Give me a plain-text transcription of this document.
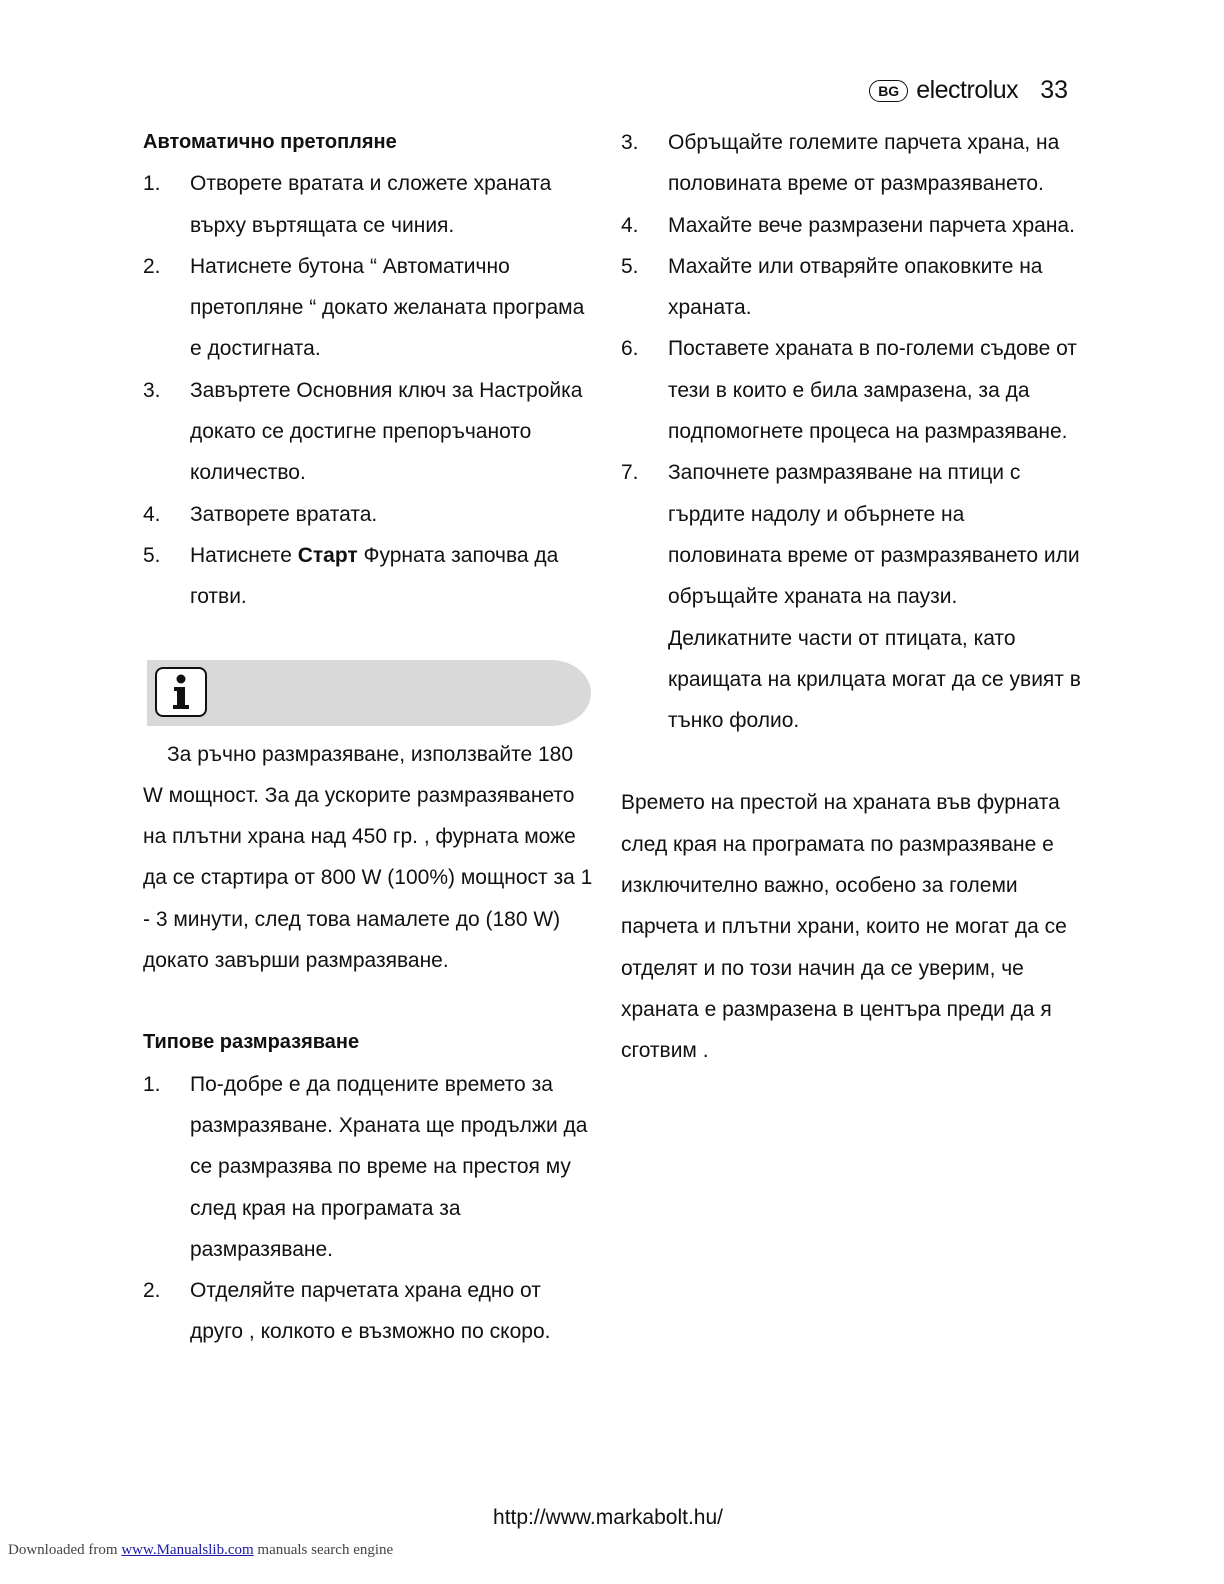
BG electrolux 33

Автоматично претопляне

1. Отворете вратата и сложете храната върху въртящата се чиния.
2. Натиснете бутона “ Автоматично претопляне “ докато желаната програма е достигната.
3. Завъртете Основния ключ за Настройка докато се достигне препоръчаното количество.
4. Затворете вратата.
5. Натиснете Старт Фурната започва да готви.

За ръчно размразяване, използвайте 180 W мощност. За да ускорите размразяването на плътни храна над 450 гр. , фурната може да се стартира от 800 W (100%) мощност за 1 - 3 минути, след това намалете до (180 W) докато завърши размразяване.

Типове размразяване

1. По-добре е да подцените времето за размразяване. Храната ще продължи да се размразява по време на престоя му след края на програмата за размразяване.
2. Отделяйте парчетата храна едно от друго , колкото е възможно по скоро.
3. Обръщайте големите парчета храна, на половината време от размразяването.
4. Махайте вече размразени парчета храна.
5. Махайте или отваряйте опаковките на храната.
6. Поставете храната в по-големи съдове от тези в които е била замразена, за да подпомогнете процеса на размразяване.
7. Започнете размразяване на птици с гърдите надолу и обърнете на половината време от размразяването или обръщайте храната на паузи. Деликатните части от птицата, като краищата на крилцата могат да се увият в тънко фолио.

Времето на престой на храната във фурната след края на програмата по размразяване е изключително важно, особено за големи парчета и плътни храни, които не могат да се отделят и по този начин да се уверим, че храната е размразена в центъра преди да я сготвим .

http://www.markabolt.hu/
Downloaded from www.Manualslib.com manuals search engine
